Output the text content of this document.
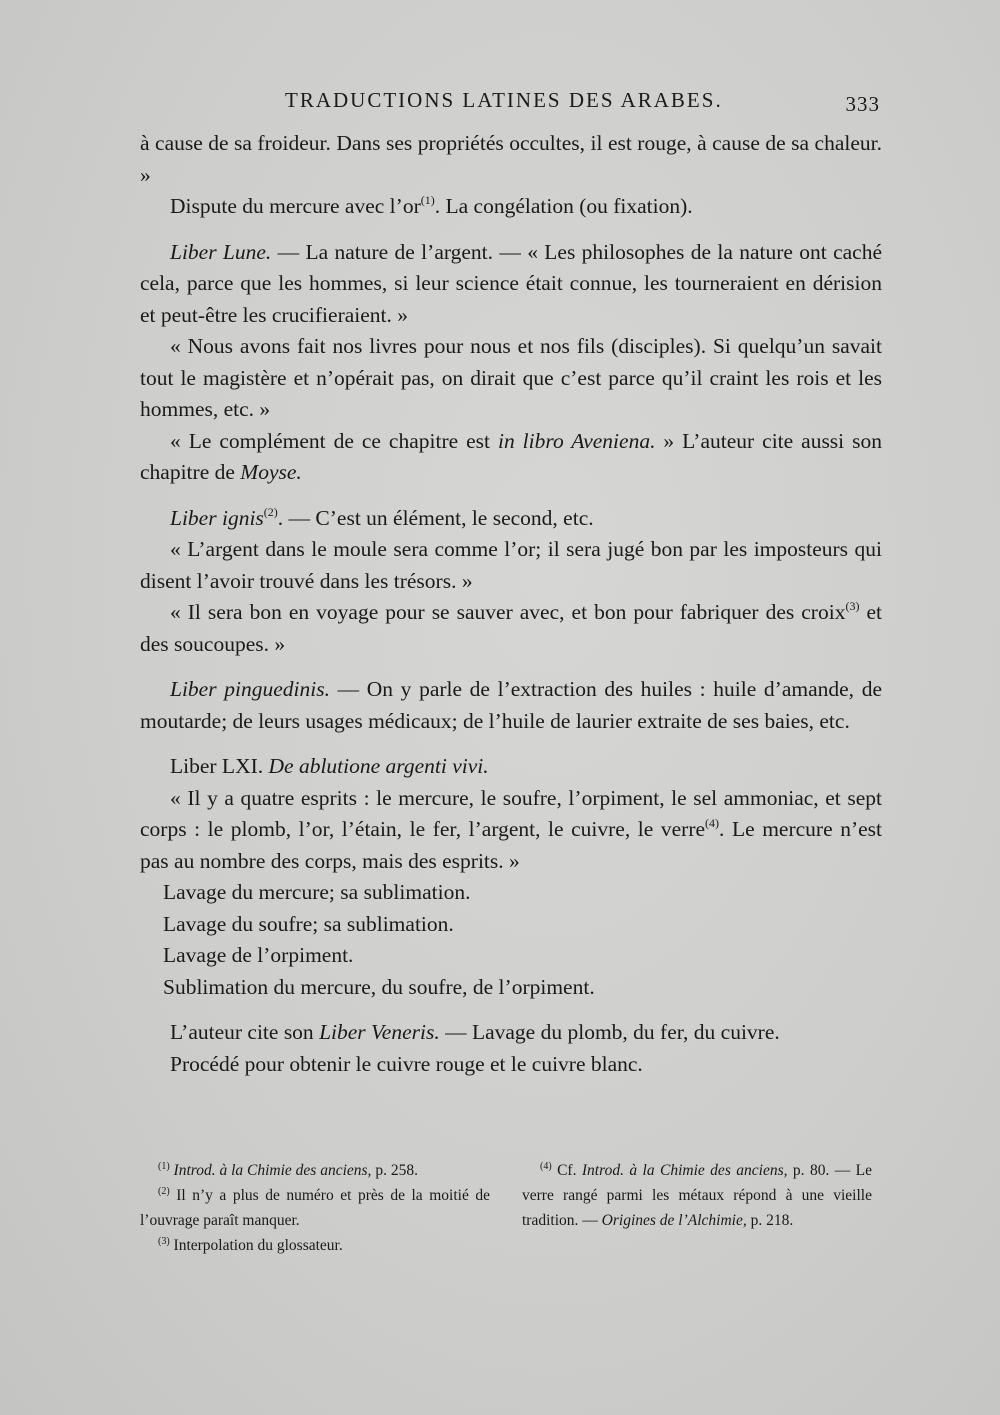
TRADUCTIONS LATINES DES ARABES.	333

à cause de sa froideur. Dans ses propriétés occultes, il est rouge, à cause de sa chaleur. »

Dispute du mercure avec $l’or^{(1)}$. La congélation (ou fixation).

Liber Lune. — La nature de l’argent. — « Les philosophes de la nature ont caché cela, parce que les hommes, si leur science était connue, les tourneraient en dérision et peut-être les crucifieraient. »

« Nous avons fait nos livres pour nous et nos fils (disciples). Si quelqu’un savait tout le magistère et n’opérait pas, on dirait que c’est parce qu’il craint les rois et les hommes, etc. »

« Le complément de ce chapitre est in libro Aveniena. » L’auteur cite aussi son chapitre de Moyse.

Liber ignis$^{(2)}$. — C’est un élément, le second, etc.

« L’argent dans le moule sera comme l’or; il sera jugé bon par les imposteurs qui disent l’avoir trouvé dans les trésors. »

« Il sera bon en voyage pour se sauver avec, et bon pour fabriquer des croix$^{(3)}$ et des soucoupes. »

Liber pinguedinis. — On y parle de l’extraction des huiles : huile d’amande, de moutarde; de leurs usages médicaux; de l’huile de laurier extraite de ses baies, etc.

Liber LXI. De ablutione argenti vivi.

« Il y a quatre esprits : le mercure, le soufre, l’orpiment, le sel ammoniac, et sept corps : le plomb, l’or, l’étain, le fer, l’argent, le cuivre, le verre$^{(4)}$. Le mercure n’est pas au nombre des corps, mais des esprits. »

Lavage du mercure; sa sublimation.
Lavage du soufre; sa sublimation.
Lavage de l’orpiment.
Sublimation du mercure, du soufre, de l’orpiment.

L’auteur cite son Liber Veneris. — Lavage du plomb, du fer, du cuivre.

Procédé pour obtenir le cuivre rouge et le cuivre blanc.

$^{(1)}$ Introd. à la Chimie des anciens, p. 258.

$^{(2)}$ Il n’y a plus de numéro et près de la moitié de l’ouvrage paraît manquer.

$^{(3)}$ Interpolation du glossateur.

$^{(4)}$ Cf. Introd. à la Chimie des anciens, p. 80. — Le verre rangé parmi les métaux répond à une vieille tradition. — Origines de l’Alchimie, p. 218.
